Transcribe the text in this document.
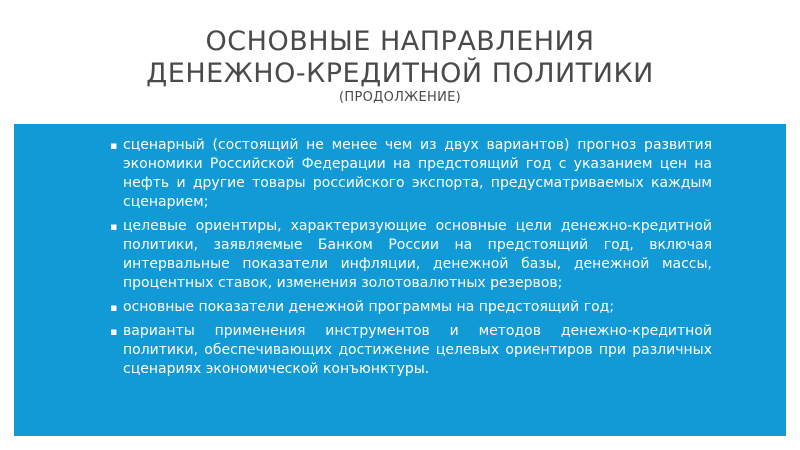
ОСНОВНЫЕ НАПРАВЛЕНИЯ
ДЕНЕЖНО-КРЕДИТНОЙ ПОЛИТИКИ
(ПРОДОЛЖЕНИЕ)
▪ сценарный (состоящий не менее чем из двух вариантов) прогноз развития экономики Российской Федерации на предстоящий год с указанием цен на нефть и другие товары российского экспорта, предусматриваемых каждым сценарием;
▪ целевые ориентиры, характеризующие основные цели денежно-кредитной политики, заявляемые Банком России на предстоящий год, включая интервальные показатели инфляции, денежной базы, денежной массы, процентных ставок, изменения золотовалютных резервов;
▪ основные показатели денежной программы на предстоящий год;
▪ варианты применения инструментов и методов денежно-кредитной политики, обеспечивающих достижение целевых ориентиров при различных сценариях экономической конъюнктуры.
